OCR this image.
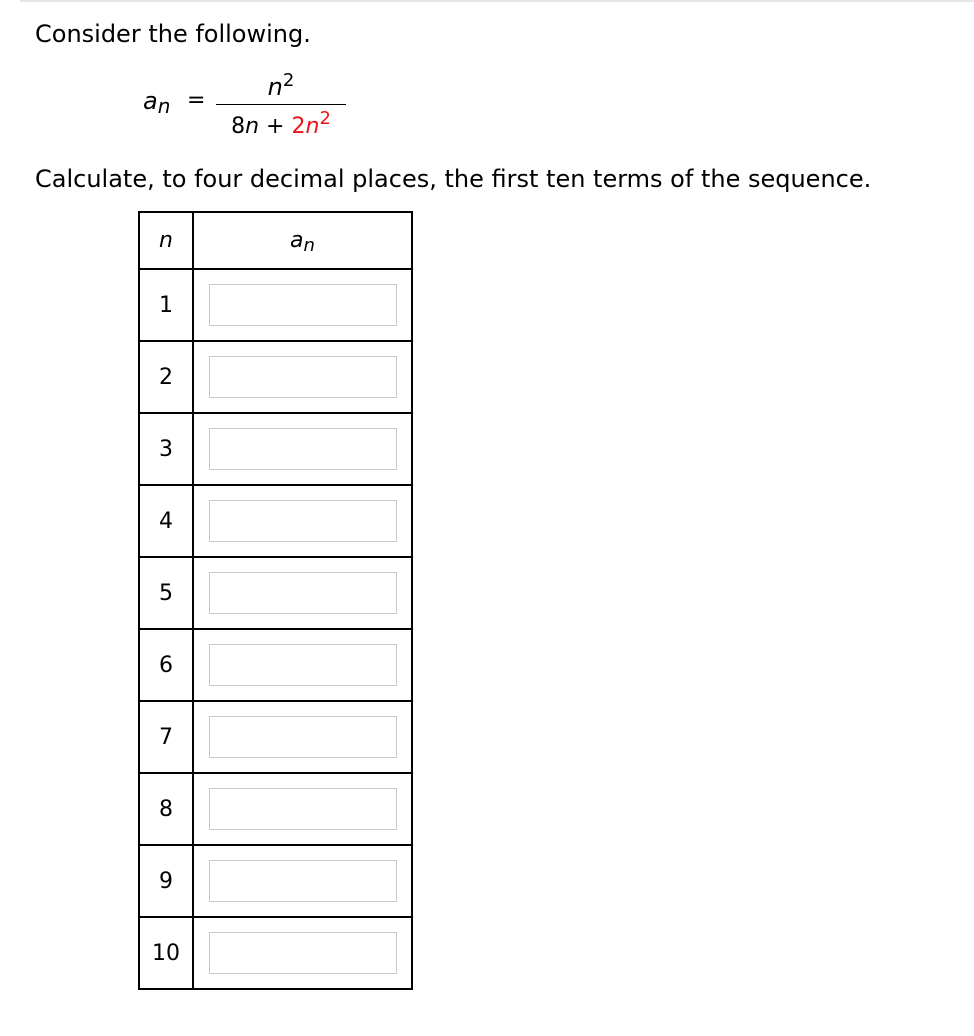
Consider the following.

$a_n$ =	$n^2$
$8n + 2n^2$

Calculate, to four decimal places, the first ten terms of the sequence.

n	$a_n$
1	
2	
3	
4	
5	
6	
7	
8	
9	
10	
